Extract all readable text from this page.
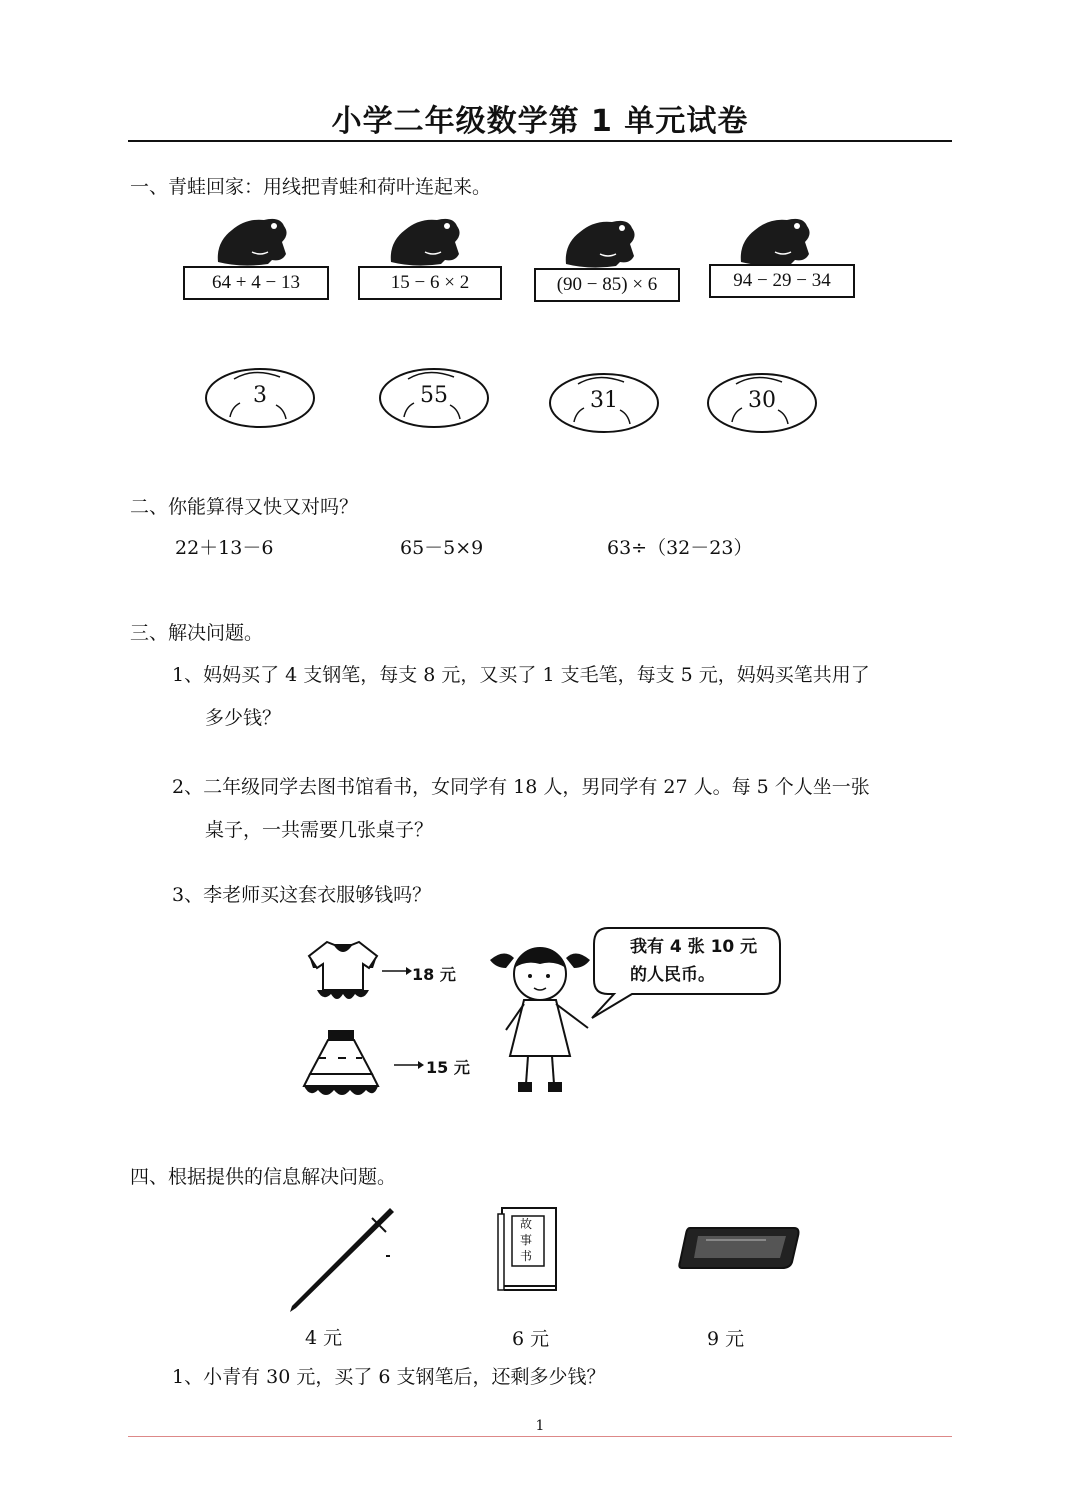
小学二年级数学第 1 单元试卷
一、青蛙回家：用线把青蛙和荷叶连起来。
64 + 4 − 13	15 − 6 × 2	(90 − 85) × 6	94 − 29 − 34
3	55	31	30
二、你能算得又快又对吗？
22＋13－6	65－5×9	63÷（32－23）
三、解决问题。
1、妈妈买了 4 支钢笔，每支 8 元，又买了 1 支毛笔，每支 5 元，妈妈买笔共用了
多少钱？
2、二年级同学去图书馆看书，女同学有 18 人，男同学有 27 人。每 5 个人坐一张
桌子，一共需要几张桌子？
3、李老师买这套衣服够钱吗？
18 元
15 元
我有 4 张 10 元
的人民币。
四、根据提供的信息解决问题。
4 元
故事书
6 元	9 元
1、小青有 30 元，买了 6 支钢笔后，还剩多少钱？
1
